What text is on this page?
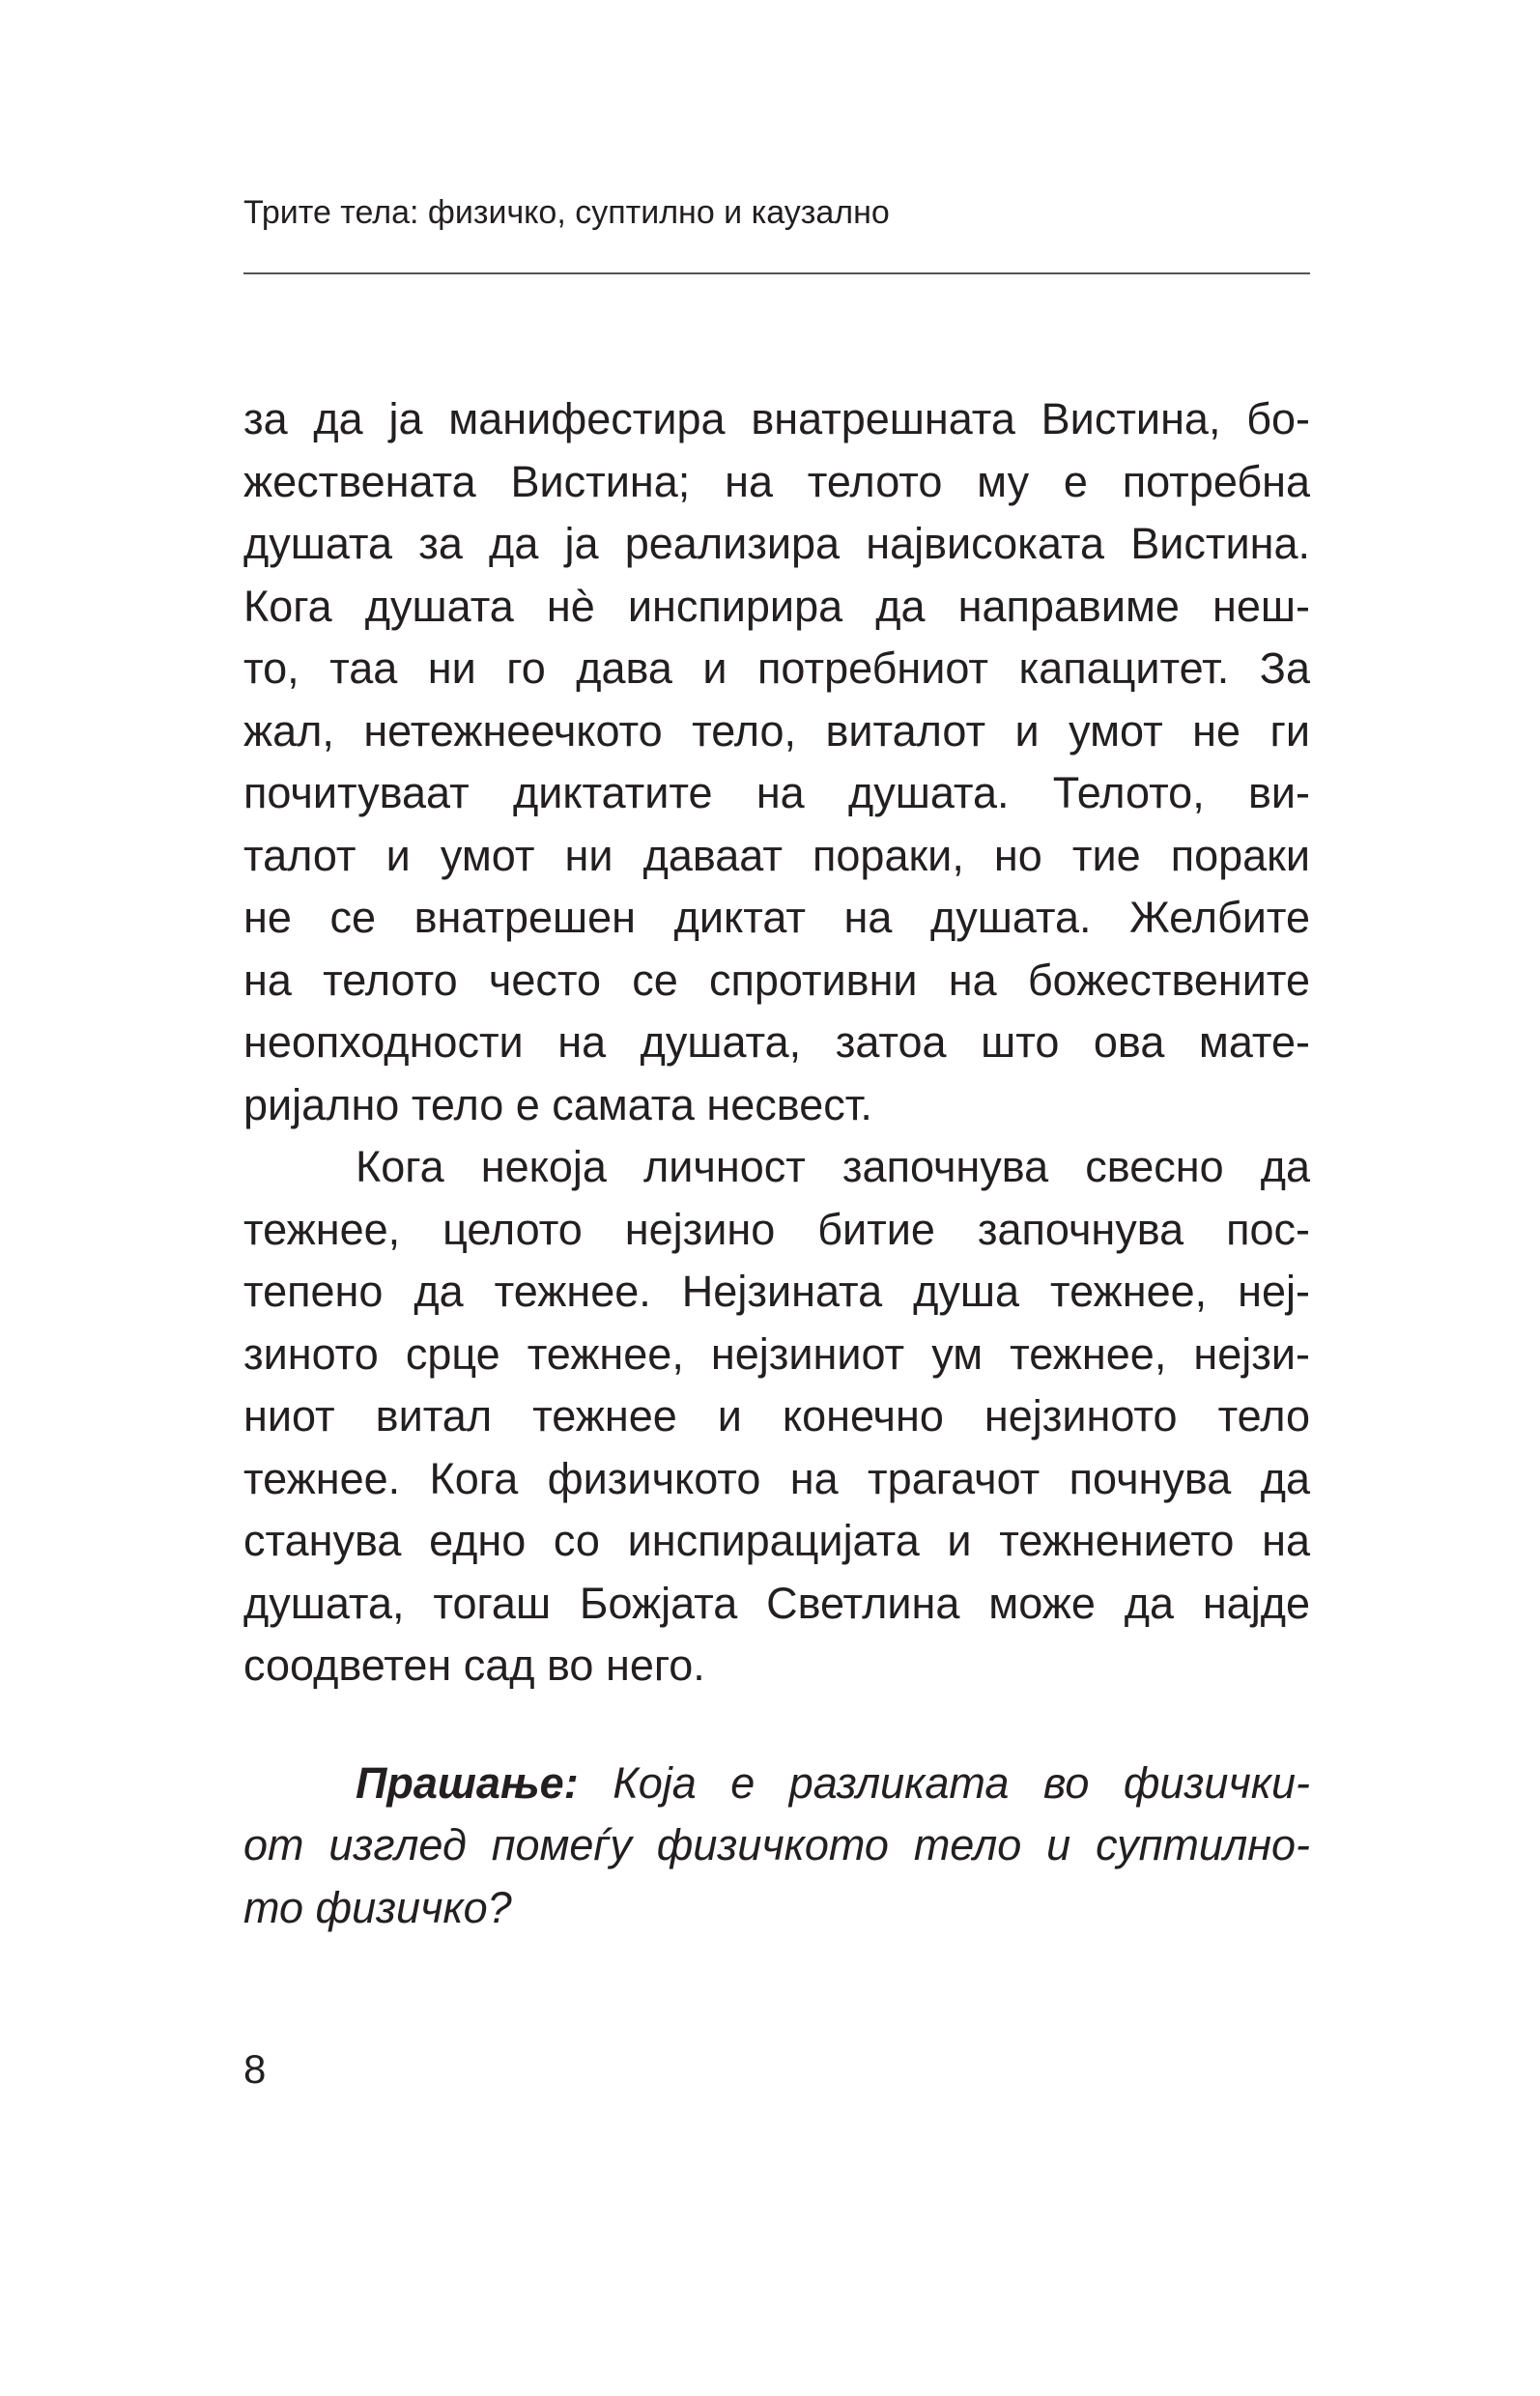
Трите тела: физичко, суптилно и каузално
за да ја манифестира внатрешната Вистина, бо-
жествената Вистина; на телото му е потребна
душата за да ја реализира највисоката Вистина.
Кога душата нѐ инспирира да направиме неш-
то, таа ни го дава и потребниот капацитет. За
жал, нетежнеечкото тело, виталот и умот не ги
почитуваат диктатите на душата. Телото, ви-
талот и умот ни даваат пораки, но тие пораки
не се внатрешен диктат на душата. Желбите
на телото често се спротивни на божествените
неопходности на душата, затоа што ова мате-
ријално тело е самата несвест.
Кога некоја личност започнува свесно да
тежнее, целото нејзино битие започнува пос-
тепено да тежнее. Нејзината душа тежнее, неј-
зиното срце тежнее, нејзиниот ум тежнее, нејзи-
ниот витал тежнее и конечно нејзиното тело
тежнее. Кога физичкото на трагачот почнува да
станува едно со инспирацијата и тежнението на
душата, тогаш Божјата Светлина може да најде
соодветен сад во него.
Прашање: Која е разликата во физички-
от изглед помеѓу физичкото тело и суптилно-
то физичко?
8
